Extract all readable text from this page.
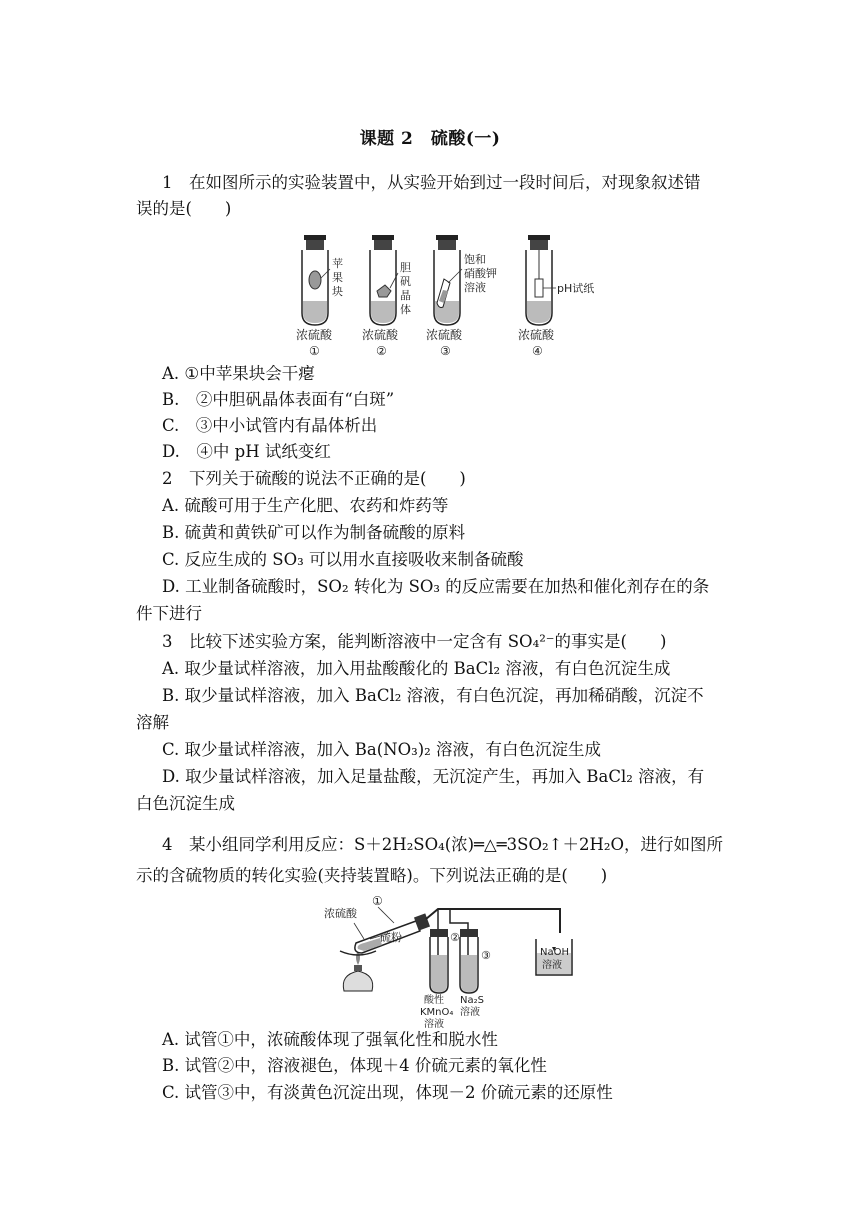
课题 2　硫酸(一)
1　在如图所示的实验装置中，从实验开始到过一段时间后，对现象叙述错
误的是(　　)
苹
果
块
胆
矾
晶
体
饱和
硝酸钾
溶液	pH试纸
浓硫酸 浓硫酸 浓硫酸	浓硫酸
①	②	③	④
A. ①中苹果块会干瘪
B.　②中胆矾晶体表面有“白斑”
C.　③中小试管内有晶体析出
D.　④中 pH 试纸变红
2　下列关于硫酸的说法不正确的是(　　)
A. 硫酸可用于生产化肥、农药和炸药等
B. 硫黄和黄铁矿可以作为制备硫酸的原料
C. 反应生成的 SO₃ 可以用水直接吸收来制备硫酸
D. 工业制备硫酸时，SO₂ 转化为 SO₃ 的反应需要在加热和催化剂存在的条
件下进行
3　比较下述实验方案，能判断溶液中一定含有 SO₄²⁻的事实是(　　)
A. 取少量试样溶液，加入用盐酸酸化的 BaCl₂ 溶液，有白色沉淀生成
B. 取少量试样溶液，加入 BaCl₂ 溶液，有白色沉淀，再加稀硝酸，沉淀不
溶解
C. 取少量试样溶液，加入 Ba(NO₃)₂ 溶液，有白色沉淀生成
D. 取少量试样溶液，加入足量盐酸，无沉淀产生，再加入 BaCl₂ 溶液，有
白色沉淀生成
4　某小组同学利用反应：S＋2H₂SO₄(浓)═△═3SO₂↑＋2H₂O，进行如图所
示的含硫物质的转化实验(夹持装置略)。下列说法正确的是(　　)
浓硫酸
硫粉
①
②
③	NaOH
溶液
酸性
KMnO₄
溶液
Na₂S
溶液
A. 试管①中，浓硫酸体现了强氧化性和脱水性
B. 试管②中，溶液褪色，体现＋4 价硫元素的氧化性
C. 试管③中，有淡黄色沉淀出现，体现－2 价硫元素的还原性
